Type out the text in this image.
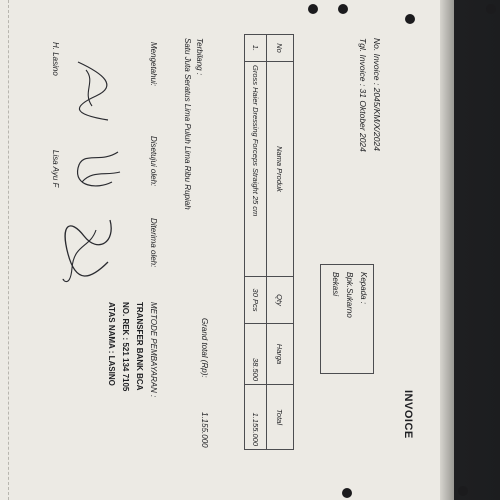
INVOICE
No. Invoice : 2045/KM/X/2024
Tgl. Invoice : 31 Oktober 2024
Kepada :
Bpk.Sukarno
Bekasi
No	Nama Produk	Qty	Harga	Total
1.	Gross Haier Dressing Forceps Straight 25 cm	30 Pcs	38.500	1.155.000
Grand total (Rp):
1.155.000
Terbilang :
Satu Juta Seratus Lima Puluh Lima Ribu Rupiah
Mengetahui:
Disetujui oleh:
Diterima oleh:
METODE PEMBAYARAN :
TRANSFER BANK BCA
NO. REK : 521 134 7105
ATAS NAMA : LASINO
H. Lasino
Lisa Ayu F
